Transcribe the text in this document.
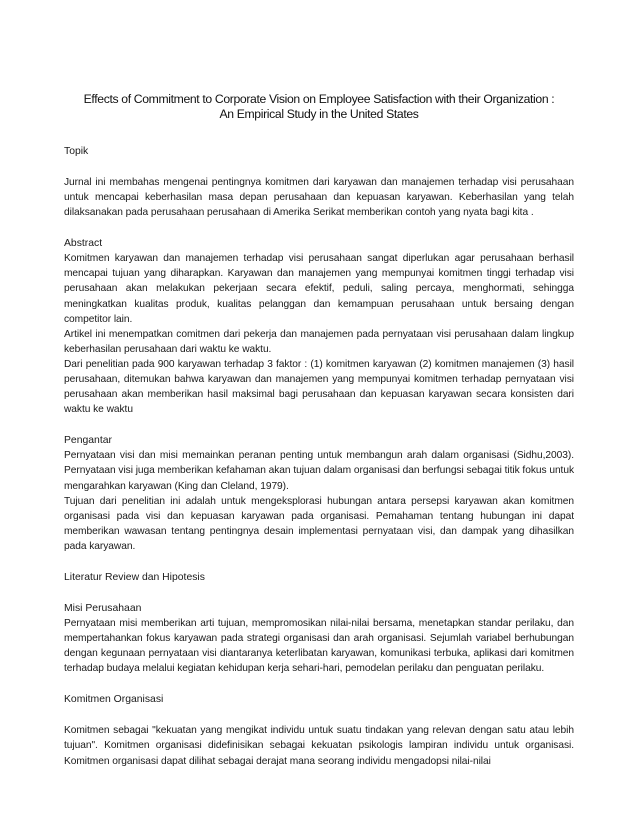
Effects of Commitment to Corporate Vision on Employee Satisfaction with their Organization :
An Empirical Study in the United States

Topik

Jurnal ini membahas mengenai pentingnya komitmen dari karyawan dan manajemen terhadap visi perusahaan untuk mencapai keberhasilan masa depan perusahaan dan kepuasan karyawan. Keberhasilan yang telah dilaksanakan pada perusahaan perusahaan di Amerika Serikat memberikan contoh yang nyata bagi kita .

Abstract

Komitmen karyawan dan manajemen terhadap visi perusahaan sangat diperlukan agar perusahaan berhasil mencapai tujuan yang diharapkan. Karyawan dan manajemen yang mempunyai komitmen tinggi terhadap visi perusahaan akan melakukan pekerjaan secara efektif, peduli, saling percaya, menghormati, sehingga meningkatkan kualitas produk, kualitas pelanggan dan kemampuan perusahaan untuk bersaing dengan competitor lain.

Artikel ini menempatkan comitmen dari pekerja dan manajemen pada pernyataan visi perusahaan dalam lingkup keberhasilan perusahaan dari waktu ke waktu.

Dari penelitian pada 900 karyawan terhadap 3 faktor : (1) komitmen karyawan (2) komitmen manajemen (3) hasil perusahaan, ditemukan bahwa karyawan dan manajemen yang mempunyai komitmen terhadap pernyataan visi perusahaan akan memberikan hasil maksimal bagi perusahaan dan kepuasan karyawan secara konsisten dari waktu ke waktu

Pengantar

Pernyataan visi dan misi memainkan peranan penting untuk membangun arah dalam organisasi (Sidhu,2003). Pernyataan visi juga memberikan kefahaman akan tujuan dalam organisasi dan berfungsi sebagai titik fokus untuk mengarahkan karyawan (King dan Cleland, 1979).

Tujuan dari penelitian ini adalah untuk mengeksplorasi hubungan antara persepsi karyawan akan komitmen organisasi pada visi dan kepuasan karyawan pada organisasi. Pemahaman tentang hubungan ini dapat memberikan wawasan tentang pentingnya desain implementasi pernyataan visi, dan dampak yang dihasilkan pada karyawan.

Literatur Review dan Hipotesis

Misi Perusahaan

Pernyataan misi memberikan arti tujuan, mempromosikan nilai-nilai bersama, menetapkan standar perilaku, dan mempertahankan fokus karyawan pada strategi organisasi dan arah organisasi. Sejumlah variabel berhubungan dengan kegunaan pernyataan visi diantaranya keterlibatan karyawan, komunikasi terbuka, aplikasi dari komitmen terhadap budaya melalui kegiatan kehidupan kerja sehari-hari, pemodelan perilaku dan penguatan perilaku.

Komitmen Organisasi

Komitmen sebagai "kekuatan yang mengikat individu untuk suatu tindakan yang relevan dengan satu atau lebih tujuan". Komitmen organisasi didefinisikan sebagai kekuatan psikologis lampiran individu untuk organisasi. Komitmen organisasi dapat dilihat sebagai derajat mana seorang individu mengadopsi nilai-nilai
